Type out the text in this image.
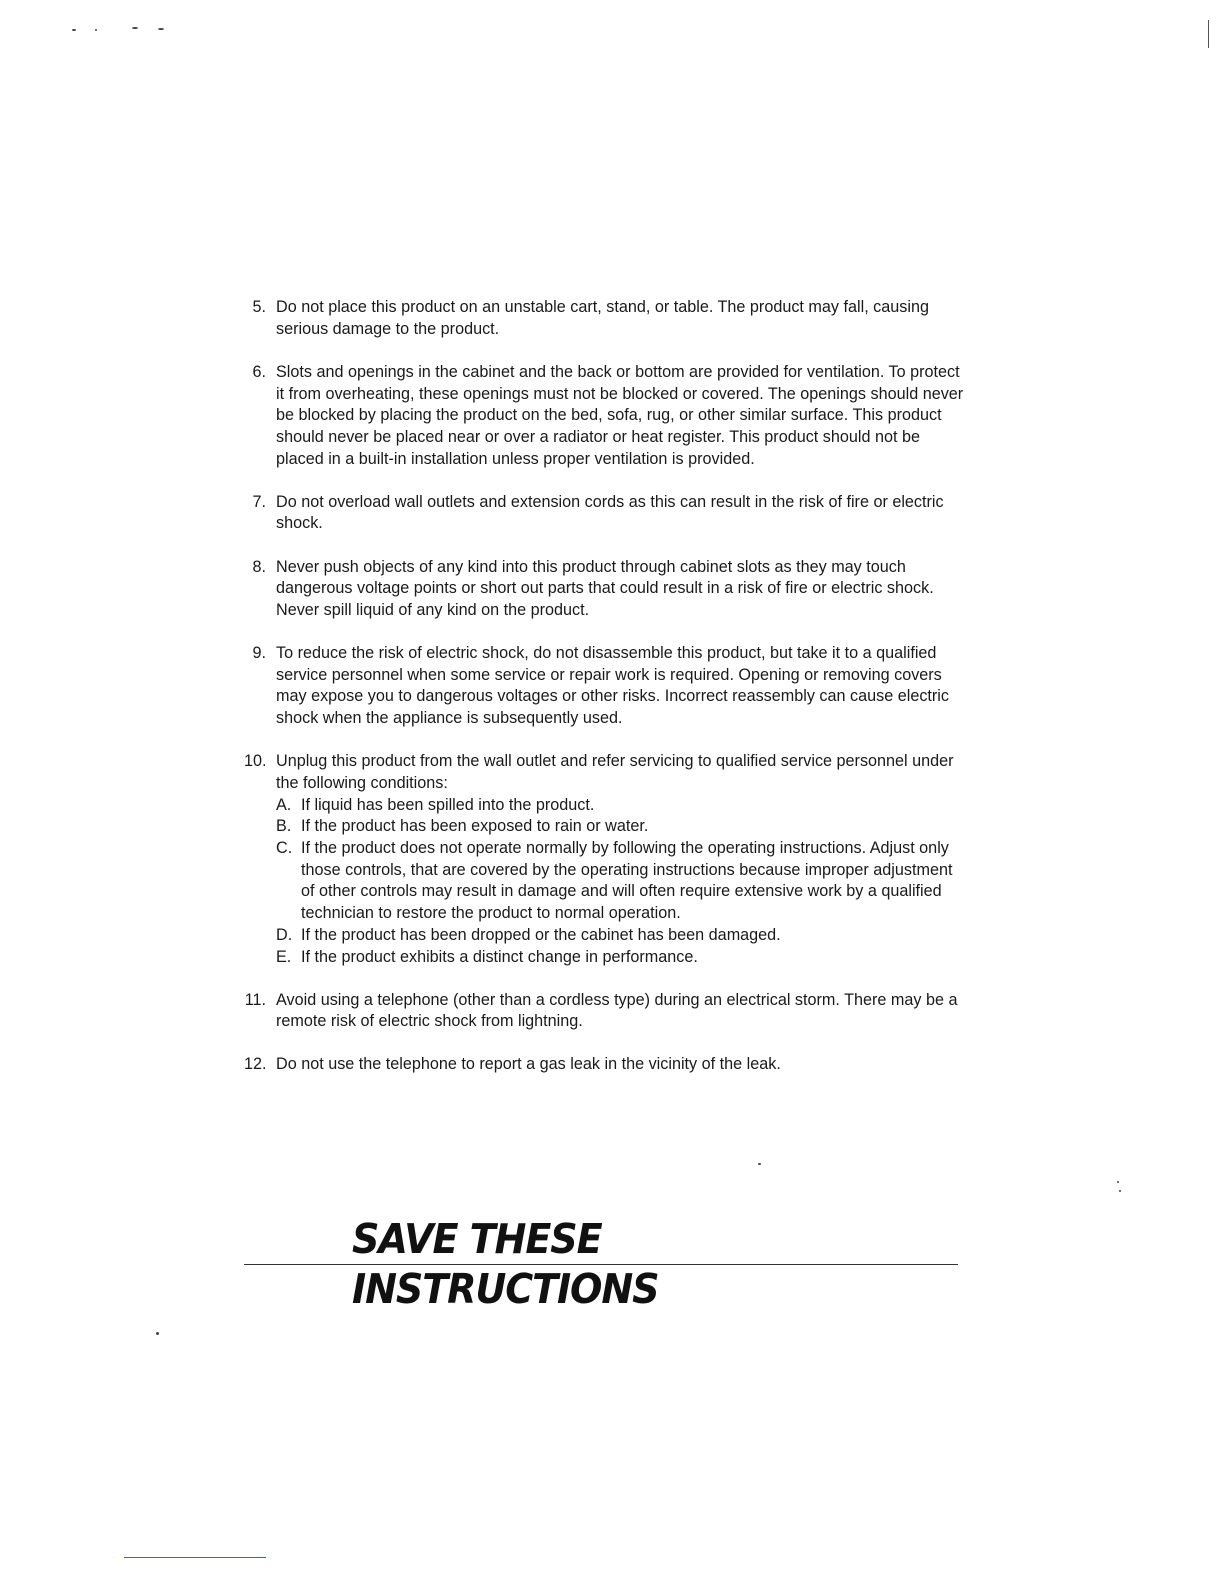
5. Do not place this product on an unstable cart, stand, or table. The product may fall, causing serious damage to the product.
6. Slots and openings in the cabinet and the back or bottom are provided for ventilation. To protect it from overheating, these openings must not be blocked or covered. The openings should never be blocked by placing the product on the bed, sofa, rug, or other similar surface. This product should never be placed near or over a radiator or heat register. This product should not be placed in a built-in installation unless proper ventilation is provided.
7. Do not overload wall outlets and extension cords as this can result in the risk of fire or electric shock.
8. Never push objects of any kind into this product through cabinet slots as they may touch dangerous voltage points or short out parts that could result in a risk of fire or electric shock. Never spill liquid of any kind on the product.
9. To reduce the risk of electric shock, do not disassemble this product, but take it to a qualified service personnel when some service or repair work is required. Opening or removing covers may expose you to dangerous voltages or other risks. Incorrect reassembly can cause electric shock when the appliance is subsequently used.
10. Unplug this product from the wall outlet and refer servicing to qualified service personnel under the following conditions:
A. If liquid has been spilled into the product.
B. If the product has been exposed to rain or water.
C. If the product does not operate normally by following the operating instructions. Adjust only those controls, that are covered by the operating instructions because improper adjustment of other controls may result in damage and will often require extensive work by a qualified technician to restore the product to normal operation.
D. If the product has been dropped or the cabinet has been damaged.
E. If the product exhibits a distinct change in performance.
11. Avoid using a telephone (other than a cordless type) during an electrical storm. There may be a remote risk of electric shock from lightning.
12. Do not use the telephone to report a gas leak in the vicinity of the leak.
SAVE THESE INSTRUCTIONS
